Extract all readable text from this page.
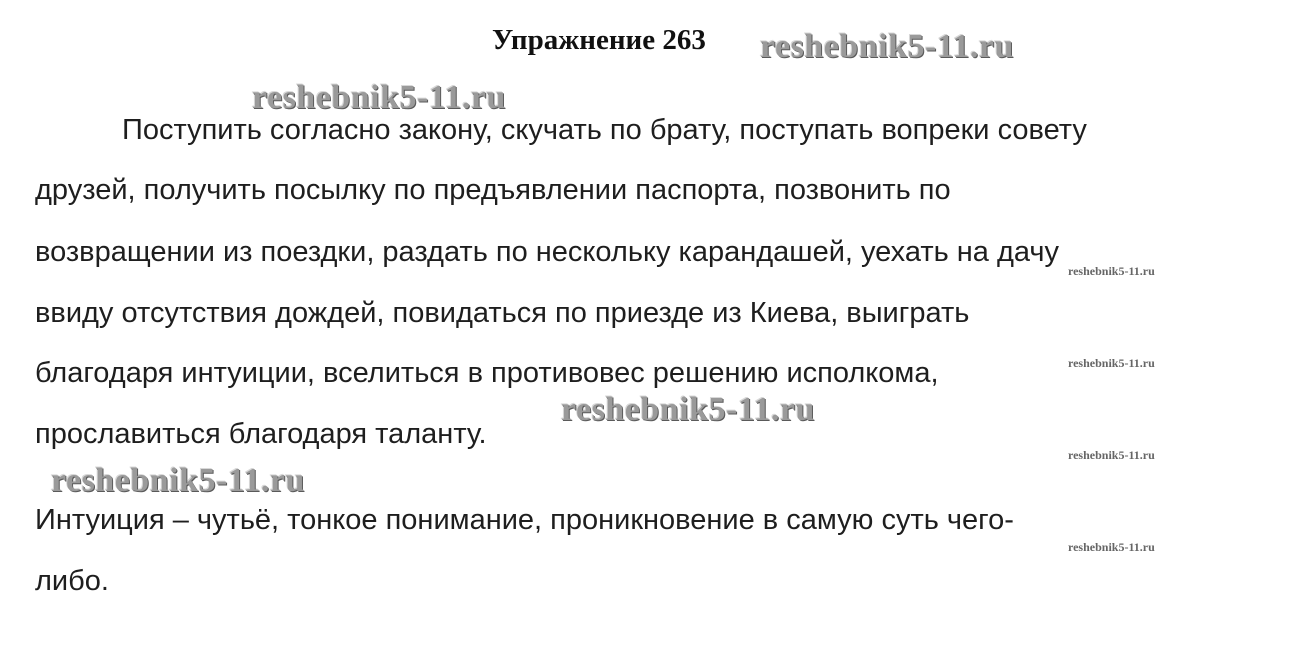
Упражнение 263
Поступить согласно закону, скучать по брату, поступать вопреки совету
друзей, получить посылку по предъявлении паспорта, позвонить по
возвращении из поездки, раздать по нескольку карандашей, уехать на дачу
ввиду отсутствия дождей, повидаться по приезде из Киева, выиграть
благодаря интуиции, вселиться в противовес решению исполкома,
прославиться благодаря таланту.
Интуиция – чутьё, тонкое понимание, проникновение в самую суть чего-
либо.
reshebnik5-11.ru
reshebnik5-11.ru
reshebnik5-11.ru
reshebnik5-11.ru
reshebnik5-11.ru
reshebnik5-11.ru
reshebnik5-11.ru
reshebnik5-11.ru
